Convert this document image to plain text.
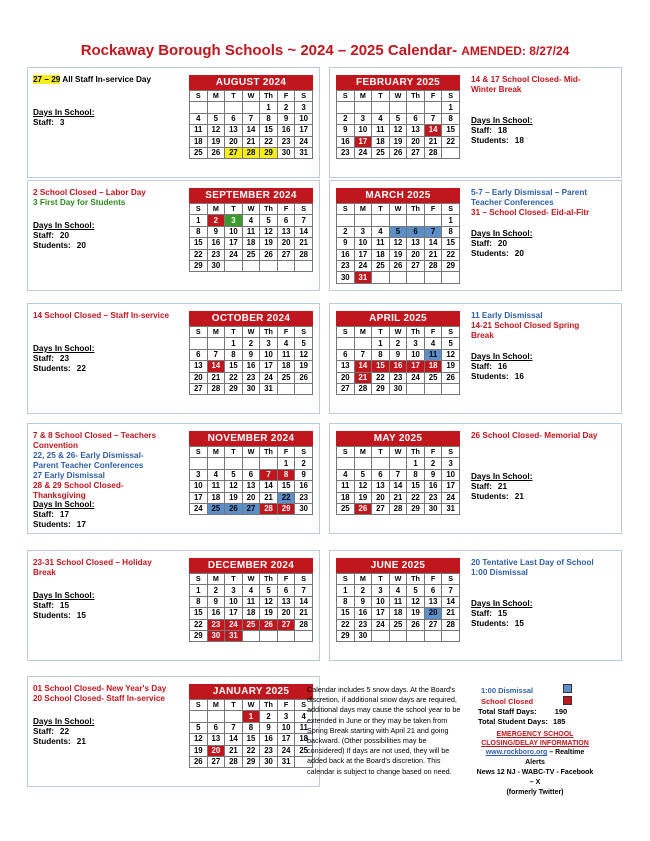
Rockaway Borough Schools ~ 2024 – 2025 Calendar- AMENDED: 8/27/24
27 – 29 All Staff In-service Day
Days In School:
Staff: 3
AUGUST 2024
S	M	T	W	Th	F	S
				1	2	3
4	5	6	7	8	9	10
11	12	13	14	15	16	17
18	19	20	21	22	23	24
25	26	27	28	29	30	31
FEBRUARY 2025
S	M	T	W	Th	F	S
						1
2	3	4	5	6	7	8
9	10	11	12	13	14	15
16	17	18	19	20	21	22
23	24	25	26	27	28	
14 & 17 School Closed- Mid-Winter Break
Days In School:
Staff: 18
Students: 18
2 School Closed – Labor Day
3 First Day for Students
Days In School:
Staff: 20
Students: 20
SEPTEMBER 2024
S	M	T	W	Th	F	S
1	2	3	4	5	6	7
8	9	10	11	12	13	14
15	16	17	18	19	20	21
22	23	24	25	26	27	28
29	30					
MARCH 2025
S	M	T	W	Th	F	S
						1
2	3	4	5	6	7	8
9	10	11	12	13	14	15
16	17	18	19	20	21	22
23	24	25	26	27	28	29
30	31					
5-7 – Early Dismissal – Parent Teacher Conferences
31 – School Closed- Eid-al-Fitr
Days In School:
Staff: 20
Students: 20
14 School Closed – Staff In-service
Days In School:
Staff: 23
Students: 22
OCTOBER 2024
S	M	T	W	Th	F	S
		1	2	3	4	5
6	7	8	9	10	11	12
13	14	15	16	17	18	19
20	21	22	23	24	25	26
27	28	29	30	31		
APRIL 2025
S	M	T	W	Th	F	S
		1	2	3	4	5
6	7	8	9	10	11	12
13	14	15	16	17	18	19
20	21	22	23	24	25	26
27	28	29	30			
11 Early Dismissal
14-21 School Closed Spring Break
Days In School:
Staff: 16
Students: 16
7 & 8 School Closed – Teachers Convention
22, 25 & 26- Early Dismissal- Parent Teacher Conferences
27 Early Dismissal
28 & 29 School Closed-Thanksgiving
Days In School:
Staff: 17
Students: 17
NOVEMBER 2024
S	M	T	W	Th	F	S
					1	2
3	4	5	6	7	8	9
10	11	12	13	14	15	16
17	18	19	20	21	22	23
24	25	26	27	28	29	30
MAY 2025
S	M	T	W	Th	F	S
				1	2	3
4	5	6	7	8	9	10
11	12	13	14	15	16	17
18	19	20	21	22	23	24
25	26	27	28	29	30	31
26 School Closed- Memorial Day
Days In School:
Staff: 21
Students: 21
23-31 School Closed – Holiday Break
Days In School:
Staff: 15
Students: 15
DECEMBER 2024
S	M	T	W	Th	F	S
1	2	3	4	5	6	7
8	9	10	11	12	13	14
15	16	17	18	19	20	21
22	23	24	25	26	27	28
29	30	31				
JUNE 2025
S	M	T	W	Th	F	S
1	2	3	4	5	6	7
8	9	10	11	12	13	14
15	16	17	18	19	20	21
22	23	24	25	26	27	28
29	30					
20 Tentative Last Day of School
1:00 Dismissal
Days In School:
Staff: 15
Students: 15
01 School Closed- New Year's Day
20 School Closed- Staff In-service
Days In School:
Staff: 22
Students: 21
JANUARY 2025
S	M	T	W	Th	F	S
			1	2	3	4
5	6	7	8	9	10	11
12	13	14	15	16	17	18
19	20	21	22	23	24	25
26	27	28	29	30	31	
Calendar includes 5 snow days. At the Board's discretion, if additional snow days are required, additional days may cause the school year to be extended in June or they may be taken from Spring Break starting with April 21 and going backward. (Other possibilities may be considered) If days are not used, they will be added back at the Board's discretion. This calendar is subject to change based on need.
1:00 Dismissal
School Closed
Total Staff Days: 190
Total Student Days: 185
EMERGENCY SCHOOL CLOSING/DELAY INFORMATION
www.rockboro.org – Realtime Alerts
News 12 NJ - WABC-TV - Facebook – X
(formerly Twitter)
